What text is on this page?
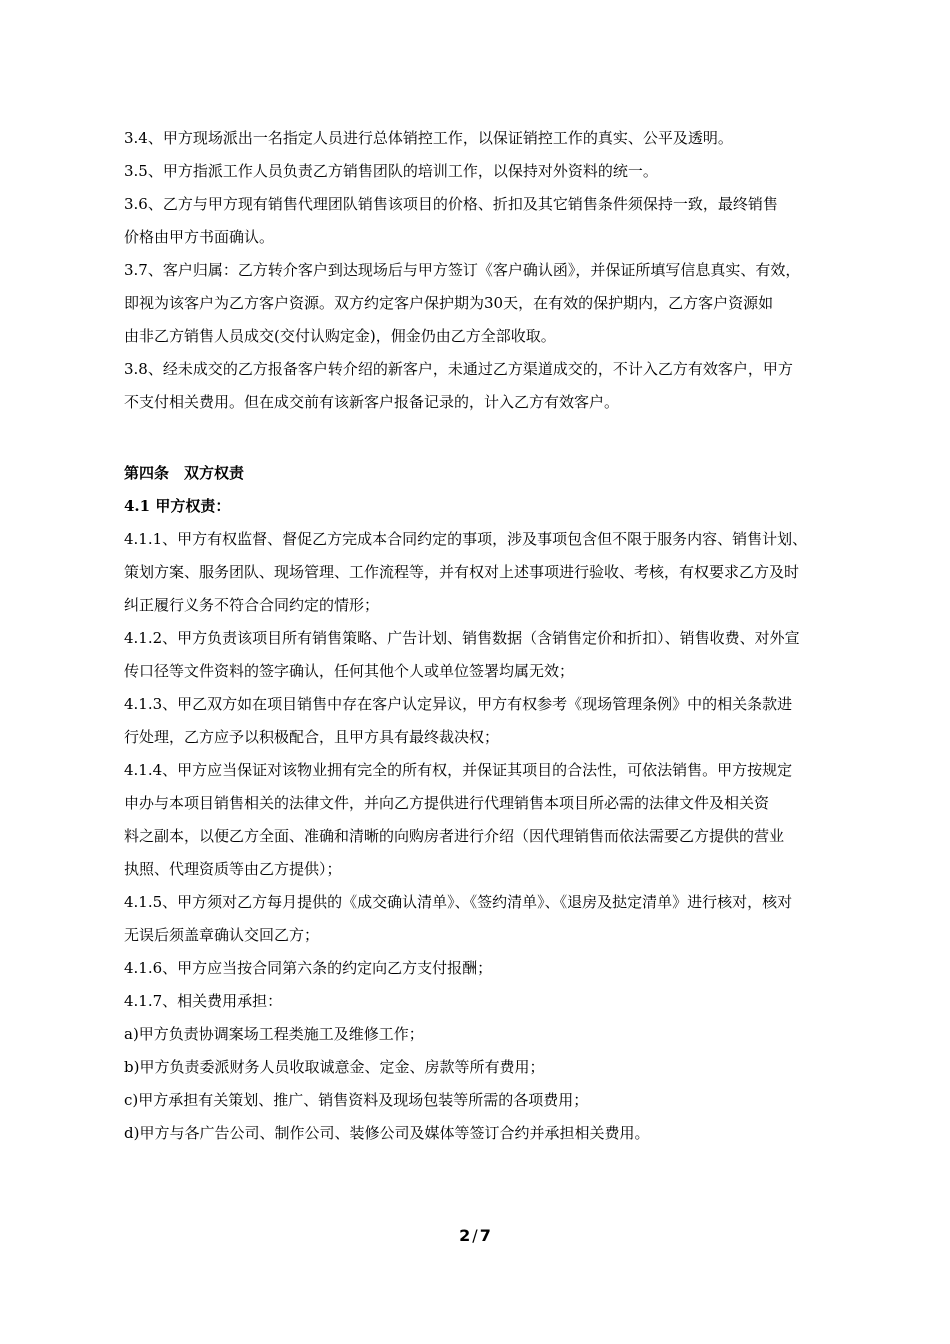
3.4、甲方现场派出一名指定人员进行总体销控工作，以保证销控工作的真实、公平及透明。

3.5、甲方指派工作人员负责乙方销售团队的培训工作，以保持对外资料的统一。

3.6、乙方与甲方现有销售代理团队销售该项目的价格、折扣及其它销售条件须保持一致，最终销售

价格由甲方书面确认。

3.7、客户归属：乙方转介客户到达现场后与甲方签订《客户确认函》，并保证所填写信息真实、有效，

即视为该客户为乙方客户资源。双方约定客户保护期为30天，在有效的保护期内，乙方客户资源如

由非乙方销售人员成交(交付认购定金)，佣金仍由乙方全部收取。

3.8、经未成交的乙方报备客户转介绍的新客户，未通过乙方渠道成交的，不计入乙方有效客户，甲方

不支付相关费用。但在成交前有该新客户报备记录的，计入乙方有效客户。

第四条　双方权责

4.1 甲方权责：

4.1.1、甲方有权监督、督促乙方完成本合同约定的事项，涉及事项包含但不限于服务内容、销售计划、

策划方案、服务团队、现场管理、工作流程等，并有权对上述事项进行验收、考核，有权要求乙方及时

纠正履行义务不符合合同约定的情形；

4.1.2、甲方负责该项目所有销售策略、广告计划、销售数据（含销售定价和折扣）、销售收费、对外宣

传口径等文件资料的签字确认，任何其他个人或单位签署均属无效；

4.1.3、甲乙双方如在项目销售中存在客户认定异议，甲方有权参考《现场管理条例》中的相关条款进

行处理，乙方应予以积极配合，且甲方具有最终裁决权；

4.1.4、甲方应当保证对该物业拥有完全的所有权，并保证其项目的合法性，可依法销售。甲方按规定

申办与本项目销售相关的法律文件，并向乙方提供进行代理销售本项目所必需的法律文件及相关资

料之副本，以便乙方全面、准确和清晰的向购房者进行介绍（因代理销售而依法需要乙方提供的营业

执照、代理资质等由乙方提供）；

4.1.5、甲方须对乙方每月提供的《成交确认清单》、《签约清单》、《退房及挞定清单》进行核对，核对

无误后须盖章确认交回乙方；

4.1.6、甲方应当按合同第六条的约定向乙方支付报酬；

4.1.7、相关费用承担：

a)甲方负责协调案场工程类施工及维修工作；

b)甲方负责委派财务人员收取诚意金、定金、房款等所有费用；

c)甲方承担有关策划、推广、销售资料及现场包装等所需的各项费用；

d)甲方与各广告公司、制作公司、装修公司及媒体等签订合约并承担相关费用。

2 / 7
